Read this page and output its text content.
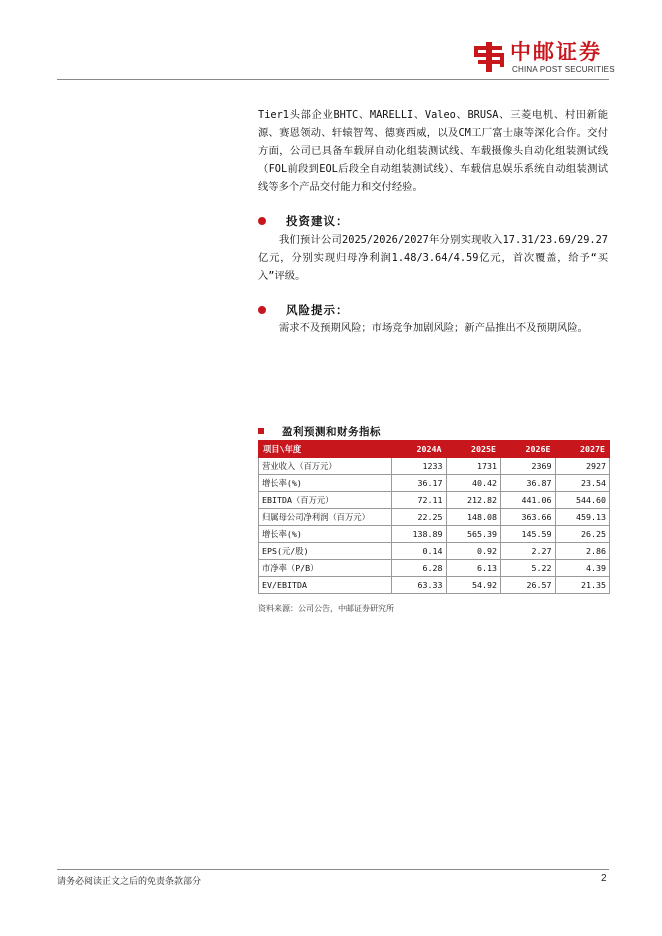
中邮证券
CHINA POST SECURITIES
Tier1头部企业BHTC、MARELLI、Valeo、BRUSA、三菱电机、村田新能源、赛恩领动、轩辕智驾、德赛西威，以及CM工厂富士康等深化合作。交付方面，公司已具备车载屏自动化组装测试线、车载摄像头自动化组装测试线（FOL前段到EOL后段全自动组装测试线）、车载信息娱乐系统自动组装测试线等多个产品交付能力和交付经验。
投资建议：
我们预计公司2025/2026/2027年分别实现收入17.31/23.69/29.27亿元，分别实现归母净利润1.48/3.64/4.59亿元，首次覆盖，给予“买入”评级。
风险提示：
需求不及预期风险；市场竞争加剧风险；新产品推出不及预期风险。
盈利预测和财务指标
项目\年度	2024A	2025E	2026E	2027E
营业收入（百万元）	1233	1731	2369	2927
增长率(%)	36.17	40.42	36.87	23.54
EBITDA（百万元）	72.11	212.82	441.06	544.60
归属母公司净利润（百万元）	22.25	148.08	363.66	459.13
增长率(%)	138.89	565.39	145.59	26.25
EPS(元/股)	0.14	0.92	2.27	2.86
市净率（P/B）	6.28	6.13	5.22	4.39
EV/EBITDA	63.33	54.92	26.57	21.35
资料来源：公司公告，中邮证券研究所
请务必阅读正文之后的免责条款部分	2
